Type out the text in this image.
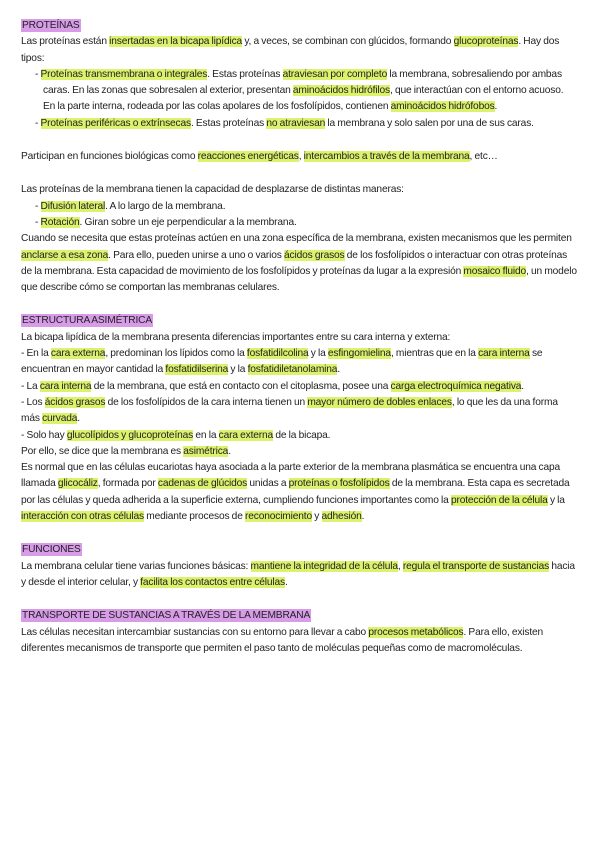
PROTEÍNAS

Las proteínas están insertadas en la bicapa lipídica y, a veces, se combinan con glúcidos, formando glucoproteínas. Hay dos tipos:

- Proteínas transmembrana o integrales. Estas proteínas atraviesan por completo la membrana, sobresaliendo por ambas caras. En las zonas que sobresalen al exterior, presentan aminoácidos hidrófilos, que interactúan con el entorno acuoso. En la parte interna, rodeada por las colas apolares de los fosfolípidos, contienen aminoácidos hidrófobos.

- Proteínas periféricas o extrínsecas. Estas proteínas no atraviesan la membrana y solo salen por una de sus caras.

Participan en funciones biológicas como reacciones energéticas, intercambios a través de la membrana, etc…

Las proteínas de la membrana tienen la capacidad de desplazarse de distintas maneras:

- Difusión lateral. A lo largo de la membrana.

- Rotación. Giran sobre un eje perpendicular a la membrana.

Cuando se necesita que estas proteínas actúen en una zona específica de la membrana, existen mecanismos que les permiten anclarse a esa zona. Para ello, pueden unirse a uno o varios ácidos grasos de los fosfolípidos o interactuar con otras proteínas de la membrana. Esta capacidad de movimiento de los fosfolípidos y proteínas da lugar a la expresión mosaico fluido, un modelo que describe cómo se comportan las membranas celulares.

ESTRUCTURA ASIMÉTRICA

La bicapa lipídica de la membrana presenta diferencias importantes entre su cara interna y externa:

- En la cara externa, predominan los lípidos como la fosfatidilcolina y la esfingomielina, mientras que en la cara interna se encuentran en mayor cantidad la fosfatidilserina y la fosfatidiletanolamina.

- La cara interna de la membrana, que está en contacto con el citoplasma, posee una carga electroquímica negativa.

- Los ácidos grasos de los fosfolípidos de la cara interna tienen un mayor número de dobles enlaces, lo que les da una forma más curvada.

- Solo hay glucolípidos y glucoproteínas en la cara externa de la bicapa.

Por ello, se dice que la membrana es asimétrica.

Es normal que en las células eucariotas haya asociada a la parte exterior de la membrana plasmática se encuentra una capa llamada glicocáliz, formada por cadenas de glúcidos unidas a proteínas o fosfolípidos de la membrana. Esta capa es secretada por las células y queda adherida a la superficie externa, cumpliendo funciones importantes como la protección de la célula y la interacción con otras células mediante procesos de reconocimiento y adhesión.

FUNCIONES

La membrana celular tiene varias funciones básicas: mantiene la integridad de la célula, regula el transporte de sustancias hacia y desde el interior celular, y facilita los contactos entre células.

TRANSPORTE DE SUSTANCIAS A TRAVÉS DE LA MEMBRANA

Las células necesitan intercambiar sustancias con su entorno para llevar a cabo procesos metabólicos. Para ello, existen diferentes mecanismos de transporte que permiten el paso tanto de moléculas pequeñas como de macromoléculas.
